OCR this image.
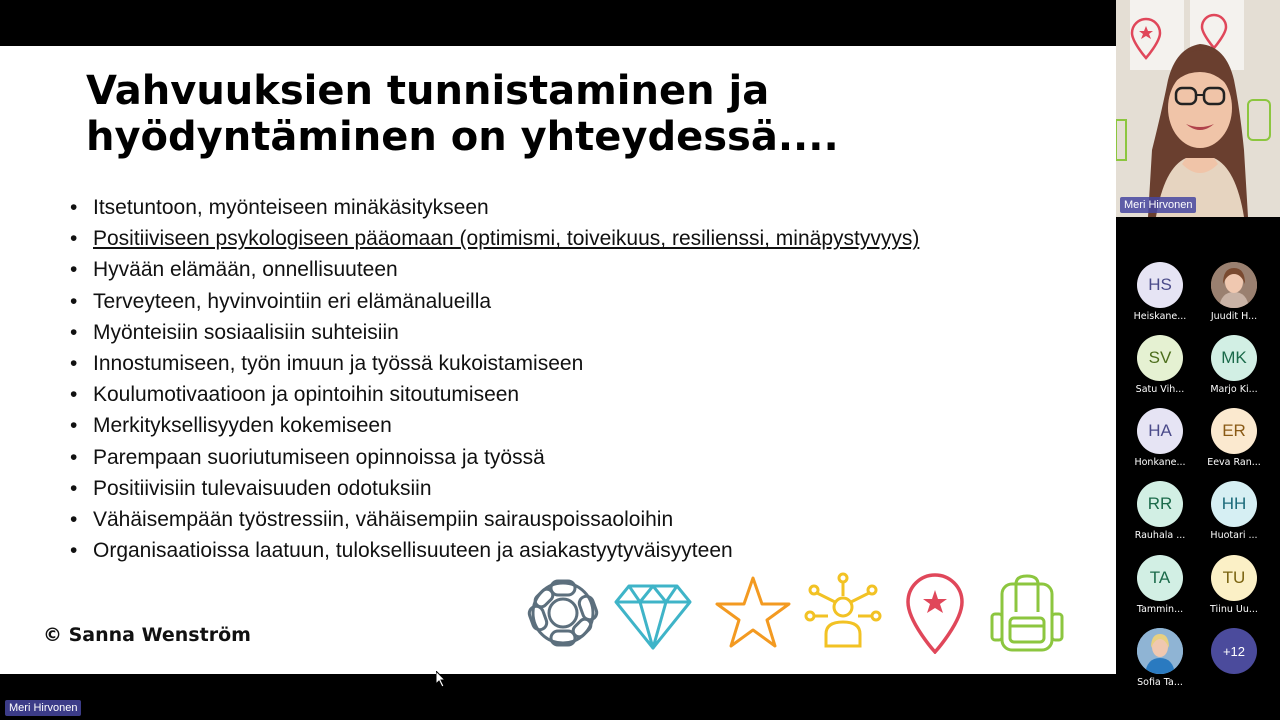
Vahvuuksien tunnistaminen ja
hyödyntäminen on yhteydessä....
• Itsetuntoon, myönteiseen minäkäsitykseen
• Positiiviseen psykologiseen pääomaan (optimismi, toiveikuus, resilienssi, minäpystyvyys)
• Hyvään elämään, onnellisuuteen
• Terveyteen, hyvinvointiin eri elämänalueilla
• Myönteisiin sosiaalisiin suhteisiin
• Innostumiseen, työn imuun ja työssä kukoistamiseen
• Koulumotivaatioon ja opintoihin sitoutumiseen
• Merkityksellisyyden kokemiseen
• Parempaan suoriutumiseen opinnoissa ja työssä
• Positiivisiin tulevaisuuden odotuksiin
• Vähäisempään työstressiin, vähäisempiin sairauspoissaoloihin
• Organisaatioissa laatuun, tuloksellisuuteen ja asiakastyytyväisyyteen
© Sanna Wenström
Meri Hirvonen
Meri Hirvonen
HS
Heiskane...	Juudit H...
SV
Satu Vih...
MK
Marjo Ki...
HA
Honkane...
ER
Eeva Ran...
RR
Rauhala ...
HH
Huotari ...
TA
Tammin...
TU
Tiinu Uu...
Sofia Ta...
+12
